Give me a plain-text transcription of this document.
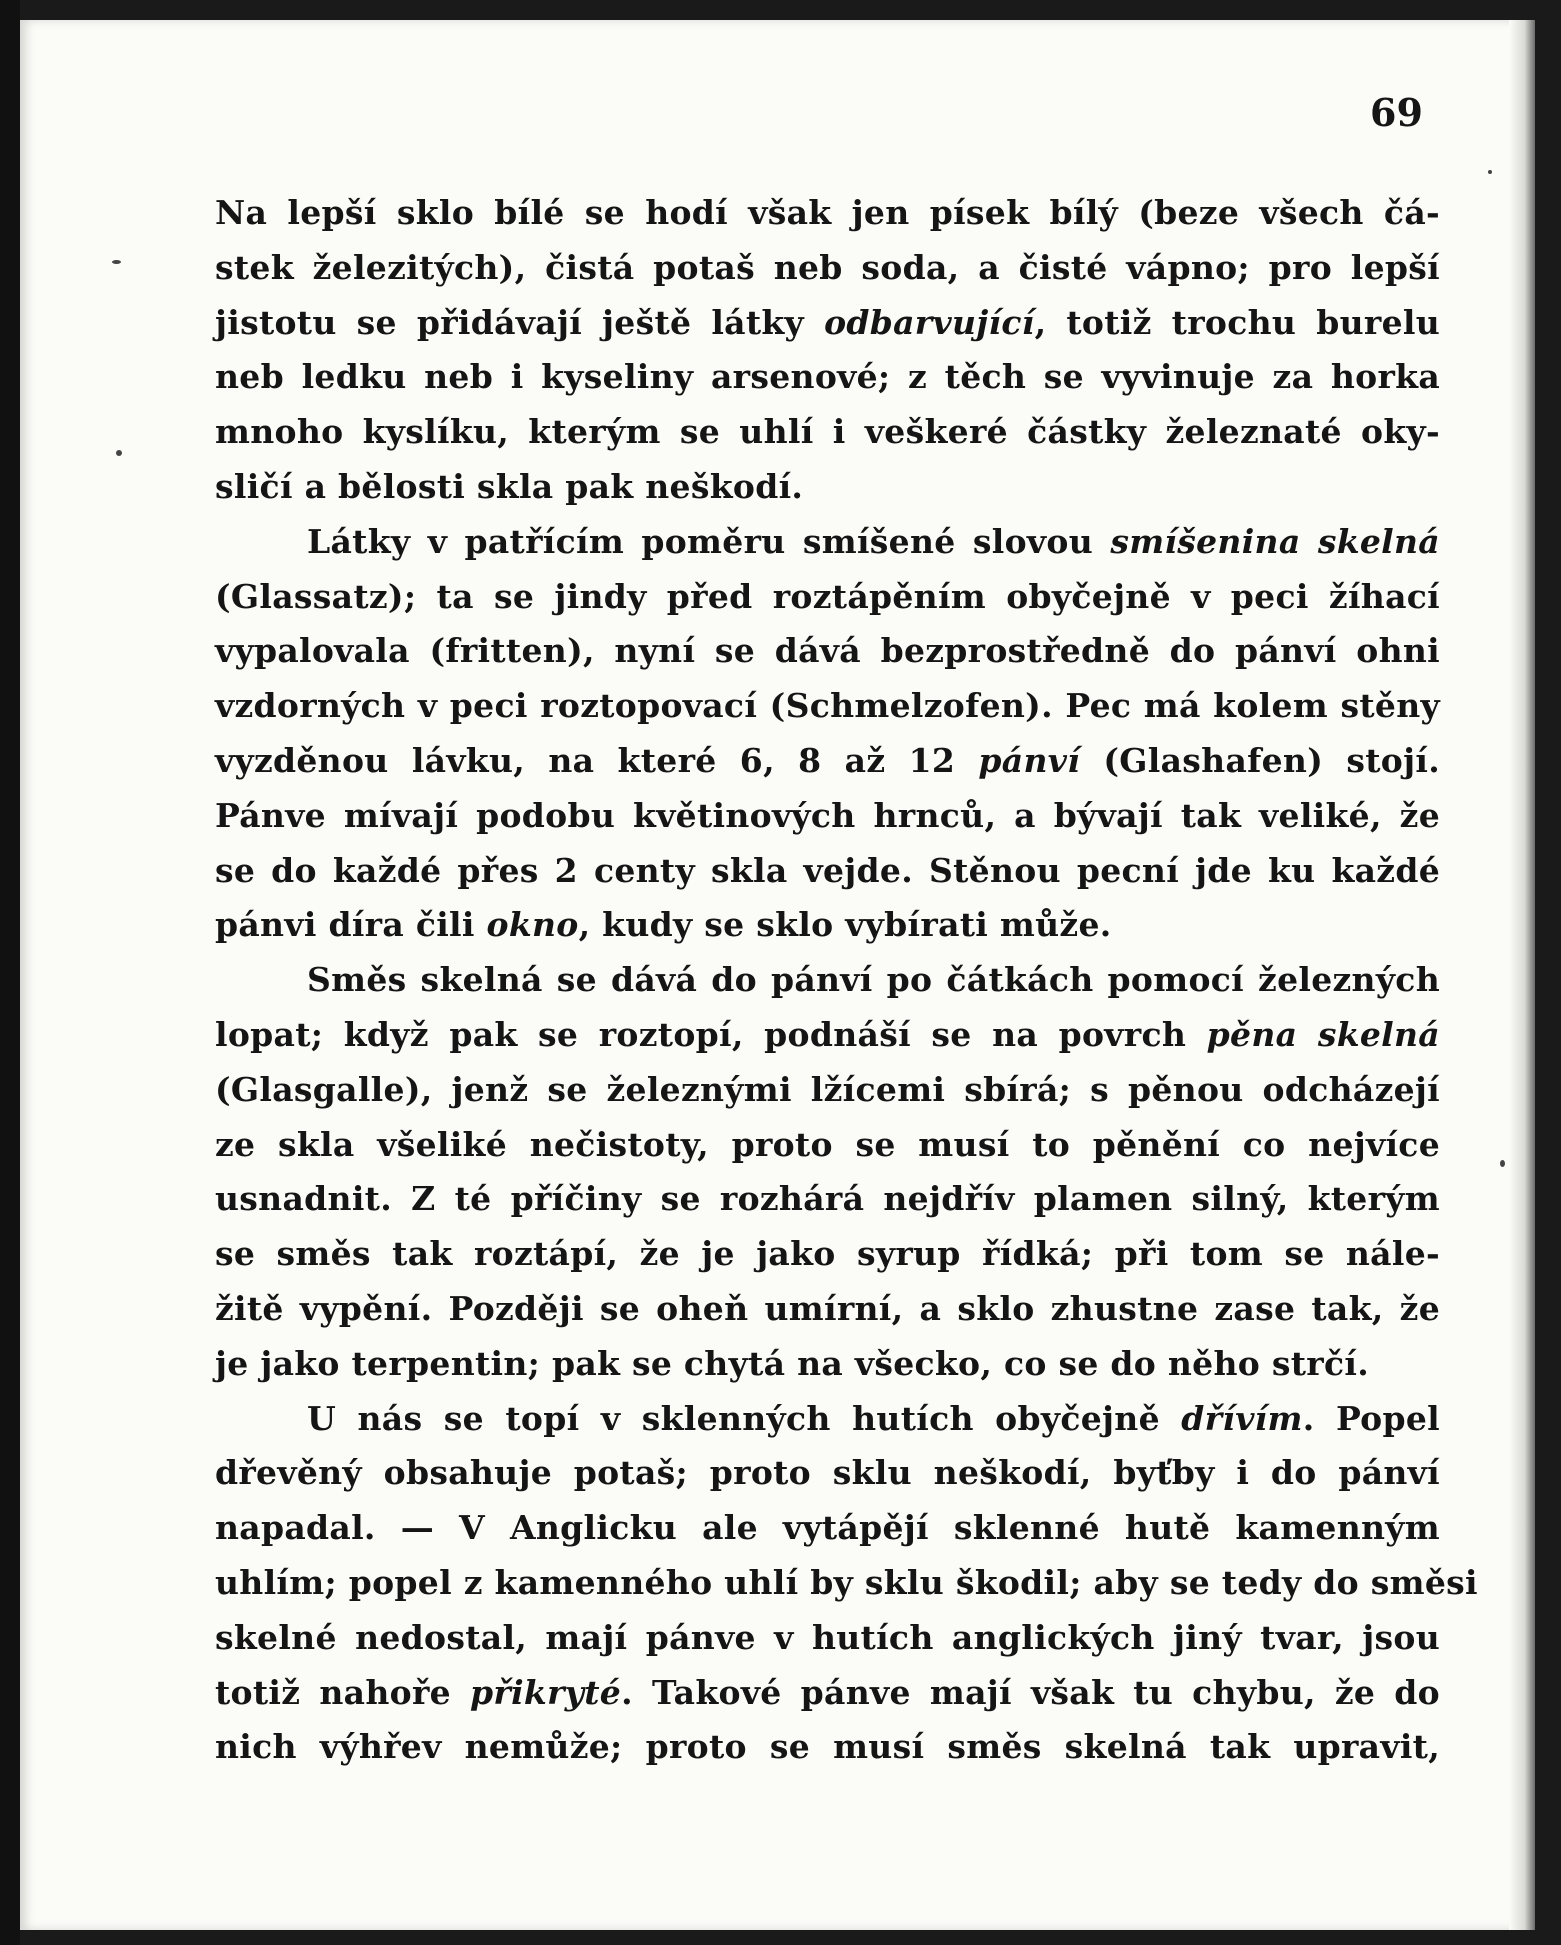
69
Na lepší sklo bílé se hodí však jen písek bílý (beze všech čá-
stek železitých), čistá potaš neb soda, a čisté vápno; pro lepší
jistotu se přidávají ještě látky odbarvující, totiž trochu burelu
neb ledku neb i kyseliny arsenové; z těch se vyvinuje za horka
mnoho kyslíku, kterým se uhlí i veškeré částky železnaté oky-
sličí a bělosti skla pak neškodí.
Látky v patřícím poměru smíšené slovou smíšenina skelná
(Glassatz); ta se jindy před roztápěním obyčejně v peci žíhací
vypalovala (fritten), nyní se dává bezprostředně do pánví ohni
vzdorných v peci roztopovací (Schmelzofen). Pec má kolem stěny
vyzděnou lávku, na které 6, 8 až 12 pánví (Glashafen) stojí.
Pánve mívají podobu květinových hrnců, a bývají tak veliké, že
se do každé přes 2 centy skla vejde. Stěnou pecní jde ku každé
pánvi díra čili okno, kudy se sklo vybírati může.
Směs skelná se dává do pánví po čátkách pomocí železných
lopat; když pak se roztopí, podnáší se na povrch pěna skelná
(Glasgalle), jenž se železnými lžícemi sbírá; s pěnou odcházejí
ze skla všeliké nečistoty, proto se musí to pěnění co nejvíce
usnadnit. Z té příčiny se rozhárá nejdřív plamen silný, kterým
se směs tak roztápí, že je jako syrup řídká; při tom se nále-
žitě vypění. Později se oheň umírní, a sklo zhustne zase tak, že
je jako terpentin; pak se chytá na všecko, co se do něho strčí.
U nás se topí v sklenných hutích obyčejně dřívím. Popel
dřevěný obsahuje potaš; proto sklu neškodí, byťby i do pánví
napadal. — V Anglicku ale vytápějí sklenné hutě kamenným
uhlím; popel z kamenného uhlí by sklu škodil; aby se tedy do směsi
skelné nedostal, mají pánve v hutích anglických jiný tvar, jsou
totiž nahoře přikryté. Takové pánve mají však tu chybu, že do
nich výhřev nemůže; proto se musí směs skelná tak upravit,
